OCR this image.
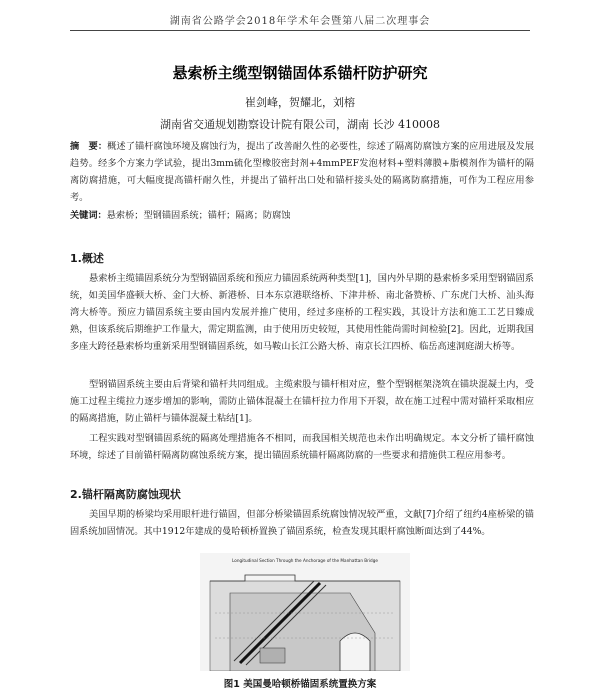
湖南省公路学会2018年学术年会暨第八届二次理事会
悬索桥主缆型钢锚固体系锚杆防护研究
崔剑峰，贺耀北，刘榕
湖南省交通规划勘察设计院有限公司，湖南 长沙 410008
摘　要：概述了锚杆腐蚀环境及腐蚀行为，提出了改善耐久性的必要性，综述了隔离防腐蚀方案的应用进展及发展趋势。经多个方案力学试验，提出3mm硫化型橡胶密封剂+4mmPEF发泡材料+塑料薄膜+脂模剂作为锚杆的隔离防腐措施，可大幅度提高锚杆耐久性，并提出了锚杆出口处和锚杆接头处的隔离防腐措施，可作为工程应用参考。
关键词：悬索桥；型钢锚固系统；锚杆；隔离；防腐蚀
1.概述
悬索桥主缆锚固系统分为型钢锚固系统和预应力锚固系统两种类型[1]，国内外早期的悬索桥多采用型钢锚固系统，如美国华盛顿大桥、金门大桥、新港桥、日本东京港联络桥、下津井桥、南北备赞桥、广东虎门大桥、汕头海湾大桥等。预应力锚固系统主要由国内发展并推广使用，经过多座桥的工程实践，其设计方法和施工工艺日臻成熟，但该系统后期维护工作量大，需定期监测，由于使用历史较短，其使用性能尚需时间检验[2]。因此，近期我国多座大跨径悬索桥均重新采用型钢锚固系统，如马鞍山长江公路大桥、南京长江四桥、临岳高速洞庭湖大桥等。
型钢锚固系统主要由后背梁和锚杆共同组成。主缆索股与锚杆相对应，整个型钢框架浇筑在锚块混凝土内，受施工过程主缆拉力逐步增加的影响，需防止锚体混凝土在锚杆拉力作用下开裂，故在施工过程中需对锚杆采取相应的隔离措施，防止锚杆与锚体混凝土粘结[1]。
工程实践对型钢锚固系统的隔离处理措施各不相同，而我国相关规范也未作出明确规定。本文分析了锚杆腐蚀环境，综述了目前锚杆隔离防腐蚀系统方案，提出锚固系统锚杆隔离防腐的一些要求和措施供工程应用参考。
2.锚杆隔离防腐蚀现状
美国早期的桥梁均采用眼杆进行锚固，但部分桥梁锚固系统腐蚀情况较严重，文献[7]介绍了纽约4座桥梁的锚固系统加固情况。其中1912年建成的曼哈顿桥置换了锚固系统，检查发现其眼杆腐蚀断面达到了44%。
Longitudinal Section Through the Anchorage of the Manhattan Bridge
图1 美国曼哈顿桥锚固系统置换方案
